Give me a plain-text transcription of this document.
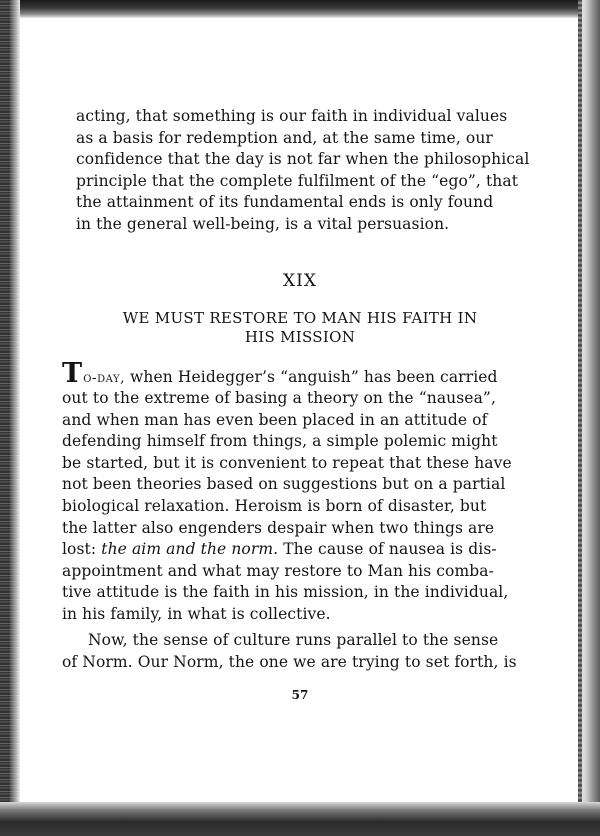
acting, that something is our faith in individual values
as a basis for redemption and, at the same time, our
confidence that the day is not far when the philosophical
principle that the complete fulfilment of the “ego”, that
the attainment of its fundamental ends is only found
in the general well-being, is a vital persuasion.
XIX
WE MUST RESTORE TO MAN HIS FAITH IN
HIS MISSION
To-day, when Heidegger’s “anguish” has been carried
out to the extreme of basing a theory on the “nausea”,
and when man has even been placed in an attitude of
defending himself from things, a simple polemic might
be started, but it is convenient to repeat that these have
not been theories based on suggestions but on a partial
biological relaxation. Heroism is born of disaster, but
the latter also engenders despair when two things are
lost: the aim and the norm. The cause of nausea is dis-
appointment and what may restore to Man his comba-
tive attitude is the faith in his mission, in the individual,
in his family, in what is collective.
Now, the sense of culture runs parallel to the sense
of Norm. Our Norm, the one we are trying to set forth, is
57
